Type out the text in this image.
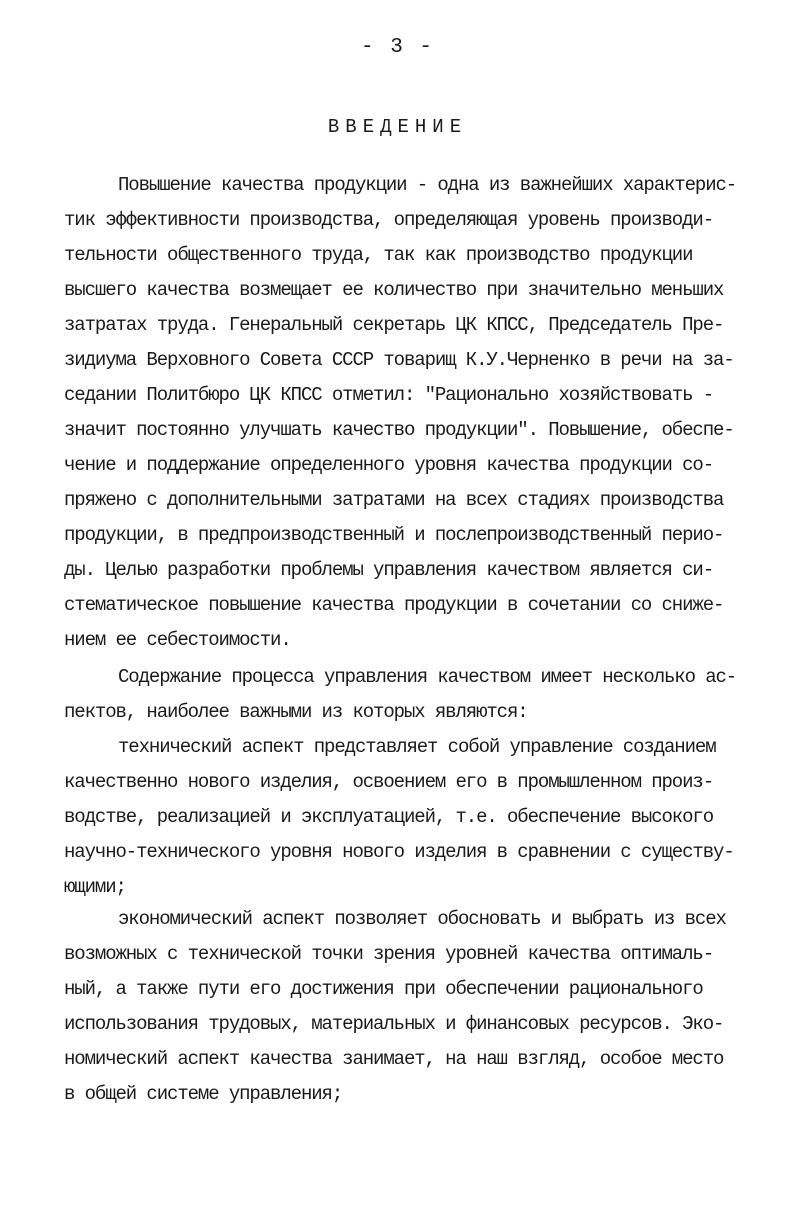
- 3 -
ВВЕДЕНИЕ
Повышение качества продукции - одна из важнейших характерис-
тик эффективности производства, определяющая уровень производи-
тельности общественного труда, так как производство продукции
высшего качества возмещает ее количество при значительно меньших
затратах труда. Генеральный секретарь ЦК КПСС, Председатель Пре-
зидиума Верховного Совета СССР товарищ К.У.Черненко в речи на за-
седании Политбюро ЦК КПСС отметил: "Рационально хозяйствовать -
значит постоянно улучшать качество продукции". Повышение, обеспе-
чение и поддержание определенного уровня качества продукции со-
пряжено с дополнительными затратами на всех стадиях производства
продукции, в предпроизводственный и послепроизводственный перио-
ды. Целью разработки проблемы управления качеством является си-
стематическое повышение качества продукции в сочетании со сниже-
нием ее себестоимости.
Содержание процесса управления качеством имеет несколько ас-
пектов, наиболее важными из которых являются:
технический аспект представляет собой управление созданием
качественно нового изделия, освоением его в промышленном произ-
водстве, реализацией и эксплуатацией, т.е. обеспечение высокого
научно-технического уровня нового изделия в сравнении с существу-
ющими;
экономический аспект позволяет обосновать и выбрать из всех
возможных с технической точки зрения уровней качества оптималь-
ный, а также пути его достижения при обеспечении рационального
использования трудовых, материальных и финансовых ресурсов. Эко-
номический аспект качества занимает, на наш взгляд, особое место
в общей системе управления;
